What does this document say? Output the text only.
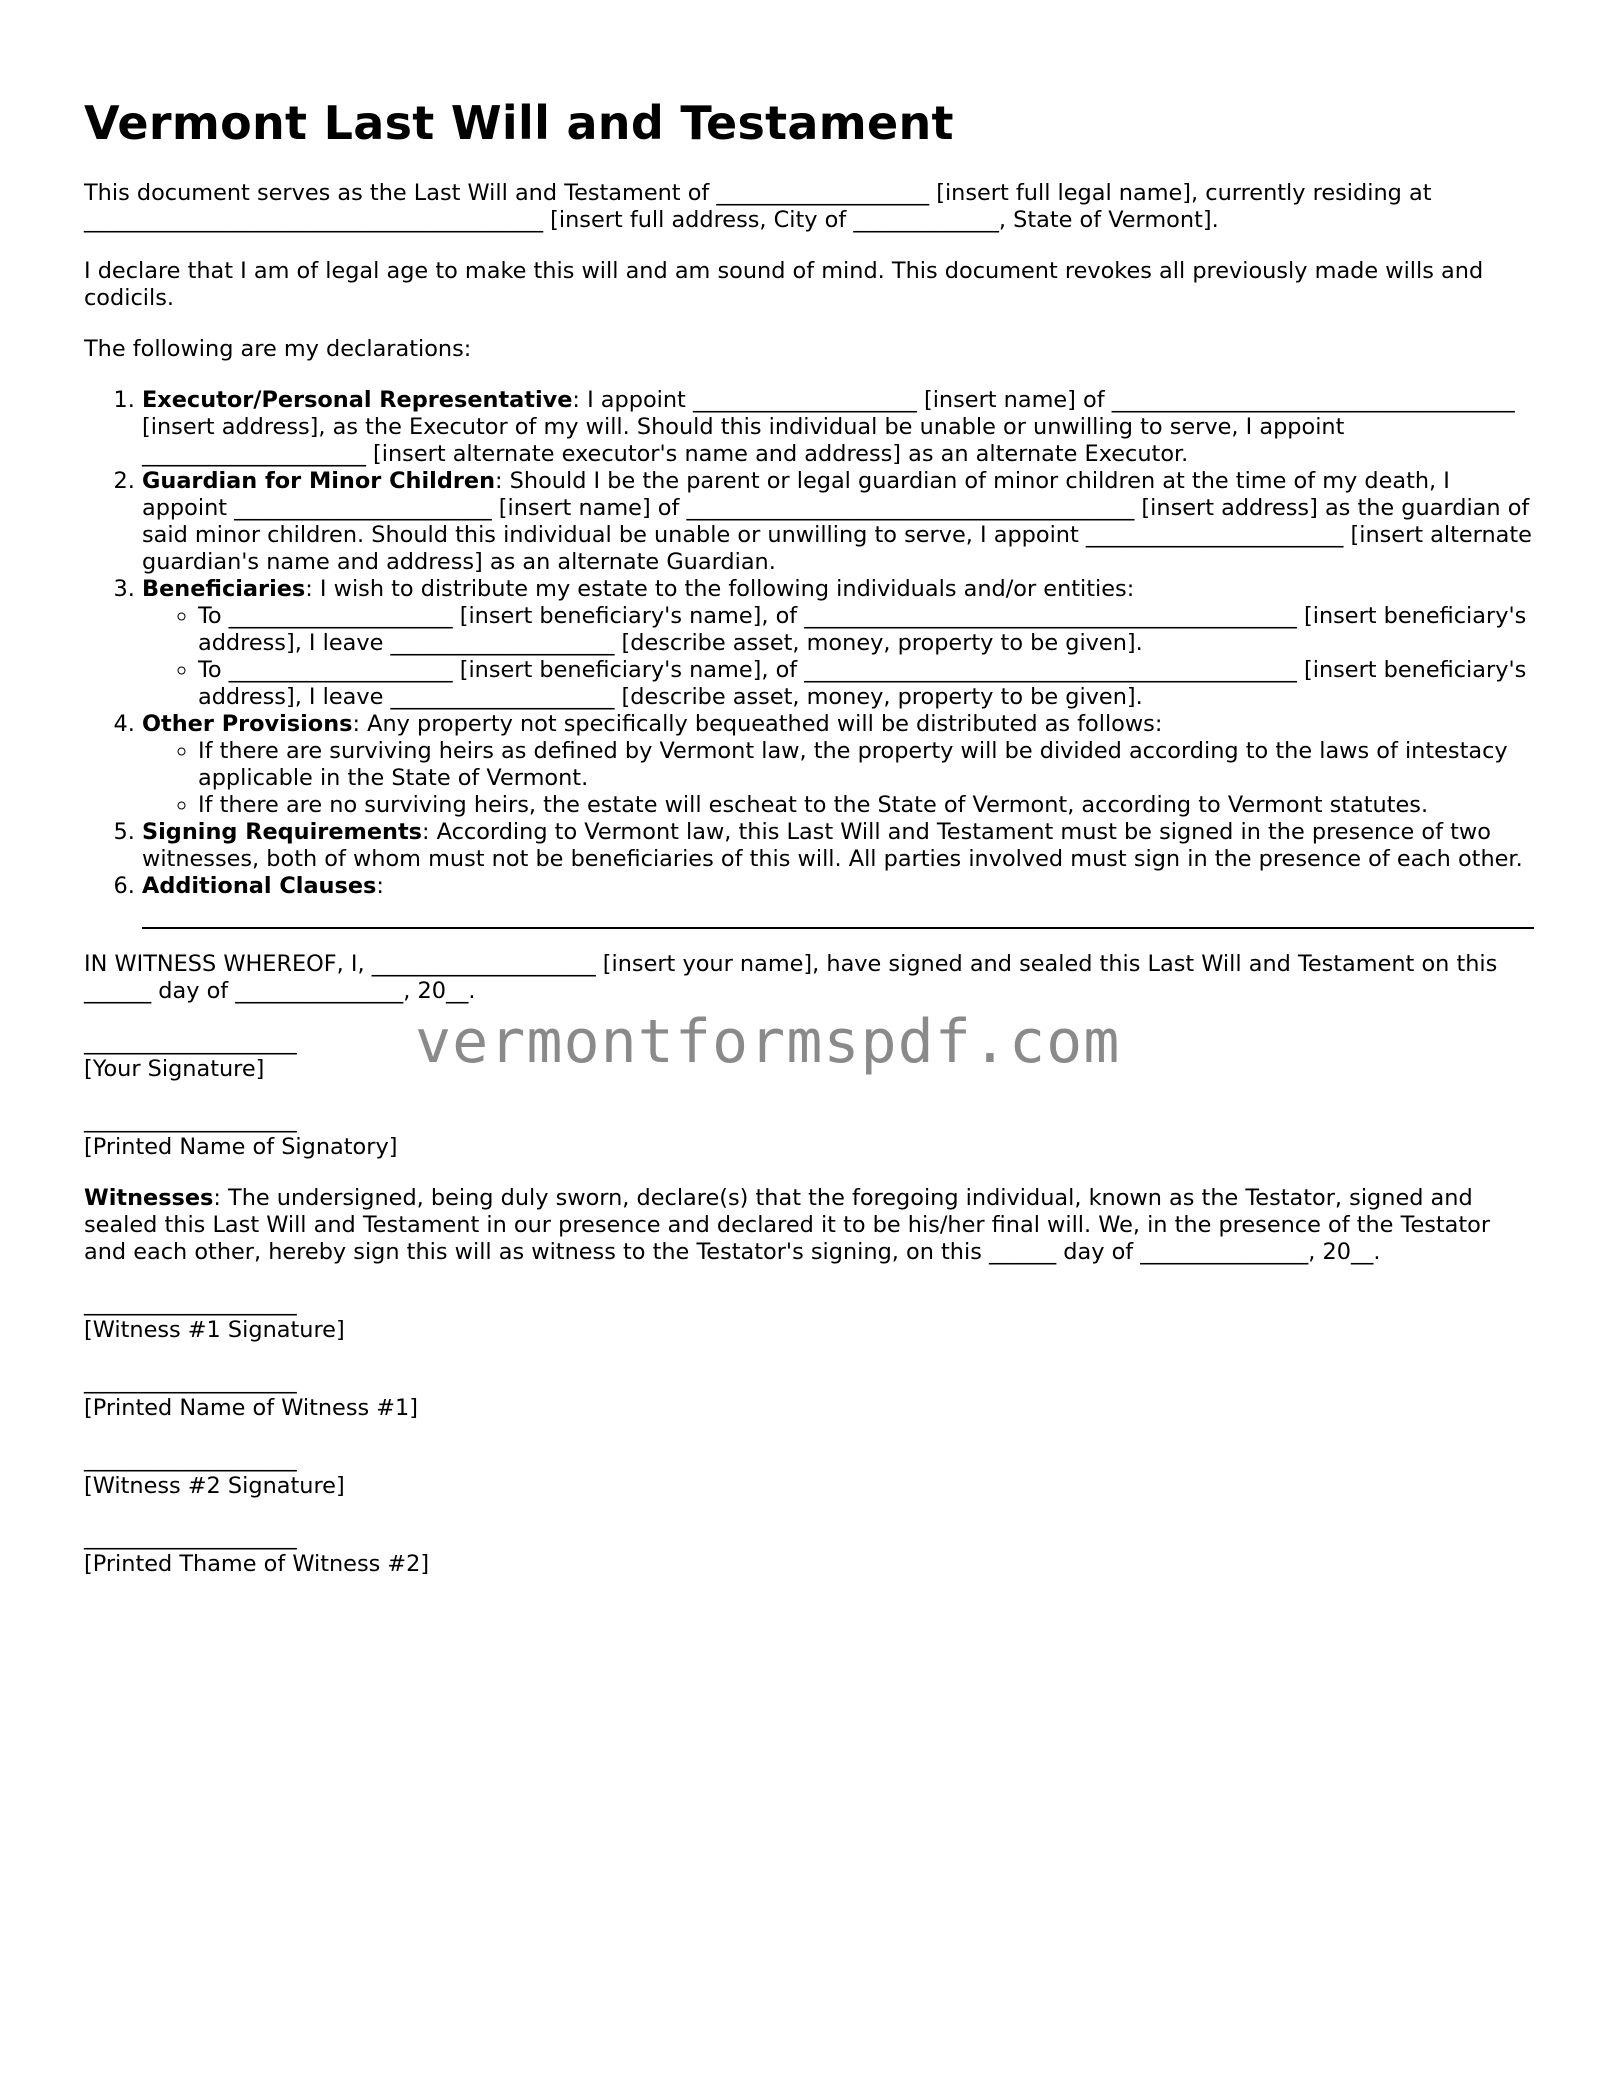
Vermont Last Will and Testament

This document serves as the Last Will and Testament of ___________________ [insert full legal name], currently residing at _________________________________________ [insert full address, City of _____________, State of Vermont].

I declare that I am of legal age to make this will and am sound of mind. This document revokes all previously made wills and codicils.

The following are my declarations:

1. Executor/Personal Representative: I appoint ____________________ [insert name] of ____________________________________ [insert address], as the Executor of my will. Should this individual be unable or unwilling to serve, I appoint ____________________ [insert alternate executor's name and address] as an alternate Executor.
2. Guardian for Minor Children: Should I be the parent or legal guardian of minor children at the time of my death, I appoint _______________________ [insert name] of ________________________________________ [insert address] as the guardian of said minor children. Should this individual be unable or unwilling to serve, I appoint _______________________ [insert alternate guardian's name and address] as an alternate Guardian.
3. Beneficiaries: I wish to distribute my estate to the following individuals and/or entities:
◦ To ____________________ [insert beneficiary's name], of ____________________________________________ [insert beneficiary's address], I leave ____________________ [describe asset, money, property to be given].
◦ To ____________________ [insert beneficiary's name], of ____________________________________________ [insert beneficiary's address], I leave ____________________ [describe asset, money, property to be given].
4. Other Provisions: Any property not specifically bequeathed will be distributed as follows:
◦ If there are surviving heirs as defined by Vermont law, the property will be divided according to the laws of intestacy applicable in the State of Vermont.
◦ If there are no surviving heirs, the estate will escheat to the State of Vermont, according to Vermont statutes.
5. Signing Requirements: According to Vermont law, this Last Will and Testament must be signed in the presence of two witnesses, both of whom must not be beneficiaries of this will. All parties involved must sign in the presence of each other.
6. Additional Clauses:

IN WITNESS WHEREOF, I, ____________________ [insert your name], have signed and sealed this Last Will and Testament on this ______ day of _______________, 20__.

___________________
[Your Signature]
___________________
[Printed Name of Signatory]

Witnesses: The undersigned, being duly sworn, declare(s) that the foregoing individual, known as the Testator, signed and sealed this Last Will and Testament in our presence and declared it to be his/her final will. We, in the presence of the Testator and each other, hereby sign this will as witness to the Testator's signing, on this ______ day of _______________, 20__.

___________________
[Witness #1 Signature]
___________________
[Printed Name of Witness #1]
___________________
[Witness #2 Signature]
___________________
[Printed Thame of Witness #2]
vermontformspdf.com
